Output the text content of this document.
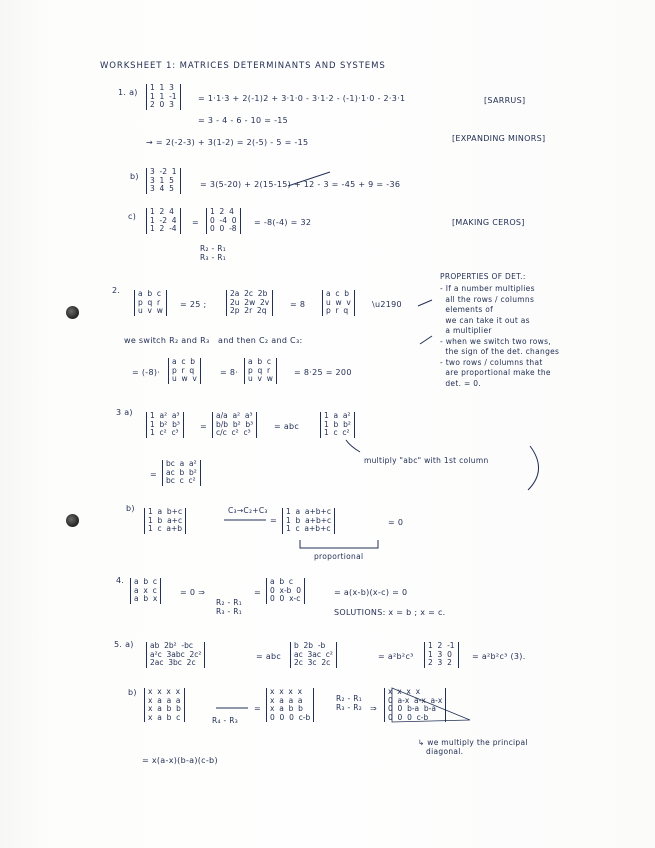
WORKSHEET 1: MATRICES DETERMINANTS AND SYSTEMS
1. a)
1  1  3
1  1  -1
2  0  3
= 1·1·3 + 2(-1)2 + 3·1·0 - 3·1·2 - (-1)·1·0 - 2·3·1	[SARRUS]
= 3 - 4 - 6 - 10 = -15
→ = 2(-2-3) + 3(1-2) = 2(-5) - 5 = -15	[EXPANDING MINORS]
b)
3  -2  1
3  1  5
3  4  5	= 3(5-20) + 2(15-15) + 12 - 3 = -45 + 9 = -36
c)
1  2  4
1  -2  4
1  2  -4
=
1  2  4
0  -4  0
0  0  -8
= -8(-4) = 32	[MAKING CEROS]
R₂ - R₁
R₃ - R₁
2.	a  b  c
p  q  r
u  v  w
= 25 ;
2a  2c  2b
2u  2w  2v
2p  2r  2q
= 8
a  c  b
u  w  v
p  r  q
\u2190
we switch R₂ and R₃   and then C₂ and C₃:
= (-8)·
a  c  b
p  r  q
u  w  v
= 8·
a  b  c
p  q  r
u  v  w
= 8·25 = 200
PROPERTIES OF DET.:
- If a number multiplies
all the rows / columns
elements of
we can take it out as
a multiplier
- when we switch two rows,
the sign of the det. changes
- two rows / columns that
are proportional make the
det. = 0.
3 a)	1  a²  a³
1  b²  b³
1  c²  c³
=
a/a  a²  a³
b/b  b²  b³
c/c  c²  c³
= abc
1  a  a²
1  b  b²
1  c  c²
multiply "abc" with 1st column
=
bc  a  a²
ac  b  b²
bc  c  c²
b)	1  a  b+c
1  b  a+c
1  c  a+b
C₃→C₂+C₃
=
1  a  a+b+c
1  b  a+b+c
1  c  a+b+c
= 0
proportional
4.	a  b  c
a  x  c
a  b  x
= 0 ⇒
R₂ - R₁
R₃ - R₁
=
a  b  c
0  x-b  0
0  0  x-c
= a(x-b)(x-c) = 0
SOLUTIONS: x = b ; x = c.
5. a)	ab  2b²  -bc
a²c  3abc  2c²
2ac  3bc  2c
= abc
b  2b  -b
ac  3ac  c²
2c  3c  2c
= a²b²c³
1  2  -1
1  3  0
2  3  2
= a²b²c³ (3).
b)	x  x  x  x
x  a  a  a
x  a  b  b
x  a  b  c	R₄ - R₃
=
x  x  x  x
x  a  a  a
x  a  b  b
0  0  0  c-b
R₂ - R₁
R₃ - R₂ ⇒
x  x  x  x
0  a-x  a-x  a-x
0  0  b-a  b-a
0  0  0  c-b
↳ we multiply the principal
diagonal.
= x(a-x)(b-a)(c-b)
